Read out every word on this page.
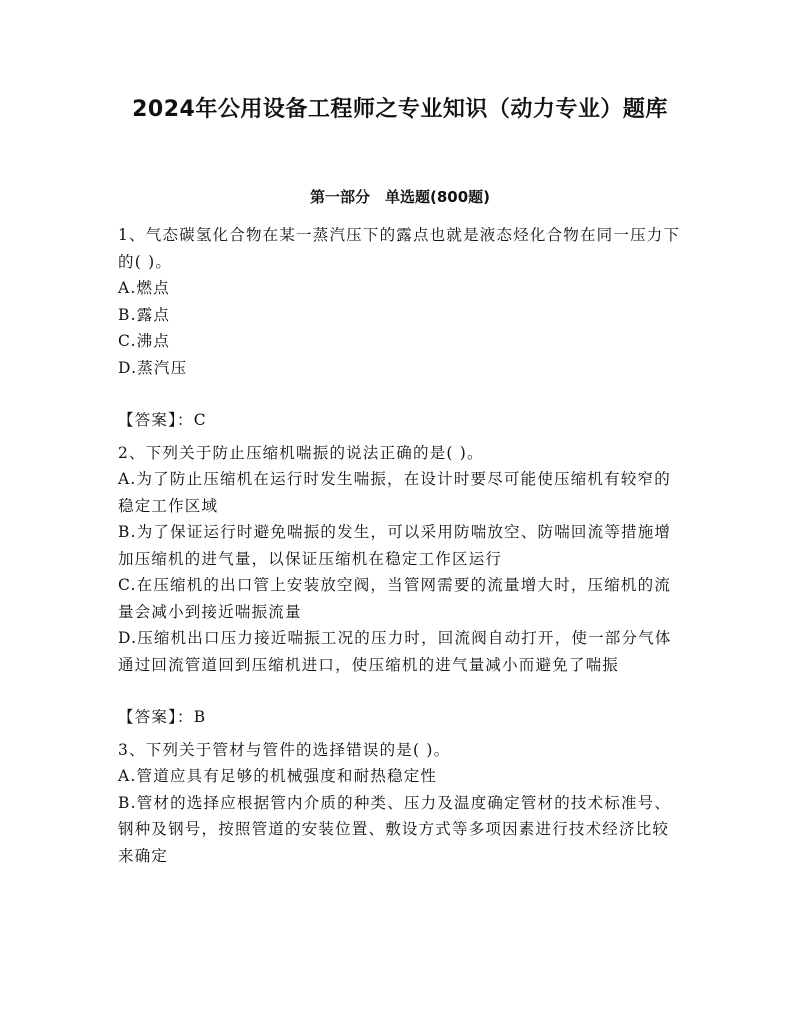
2024年公用设备工程师之专业知识（动力专业）题库
第一部分　单选题(800题)

1、气态碳氢化合物在某一蒸汽压下的露点也就是液态烃化合物在同一压力下的( )。

A.燃点

B.露点

C.沸点

D.蒸汽压

【答案】：C

2、下列关于防止压缩机喘振的说法正确的是( )。

A.为了防止压缩机在运行时发生喘振，在设计时要尽可能使压缩机有较窄的稳定工作区域

B.为了保证运行时避免喘振的发生，可以采用防喘放空、防喘回流等措施增加压缩机的进气量，以保证压缩机在稳定工作区运行

C.在压缩机的出口管上安装放空阀，当管网需要的流量增大时，压缩机的流量会减小到接近喘振流量

D.压缩机出口压力接近喘振工况的压力时，回流阀自动打开，使一部分气体通过回流管道回到压缩机进口，使压缩机的进气量减小而避免了喘振

【答案】：B

3、下列关于管材与管件的选择错误的是( )。

A.管道应具有足够的机械强度和耐热稳定性

B.管材的选择应根据管内介质的种类、压力及温度确定管材的技术标准号、钢种及钢号，按照管道的安装位置、敷设方式等多项因素进行技术经济比较来确定
